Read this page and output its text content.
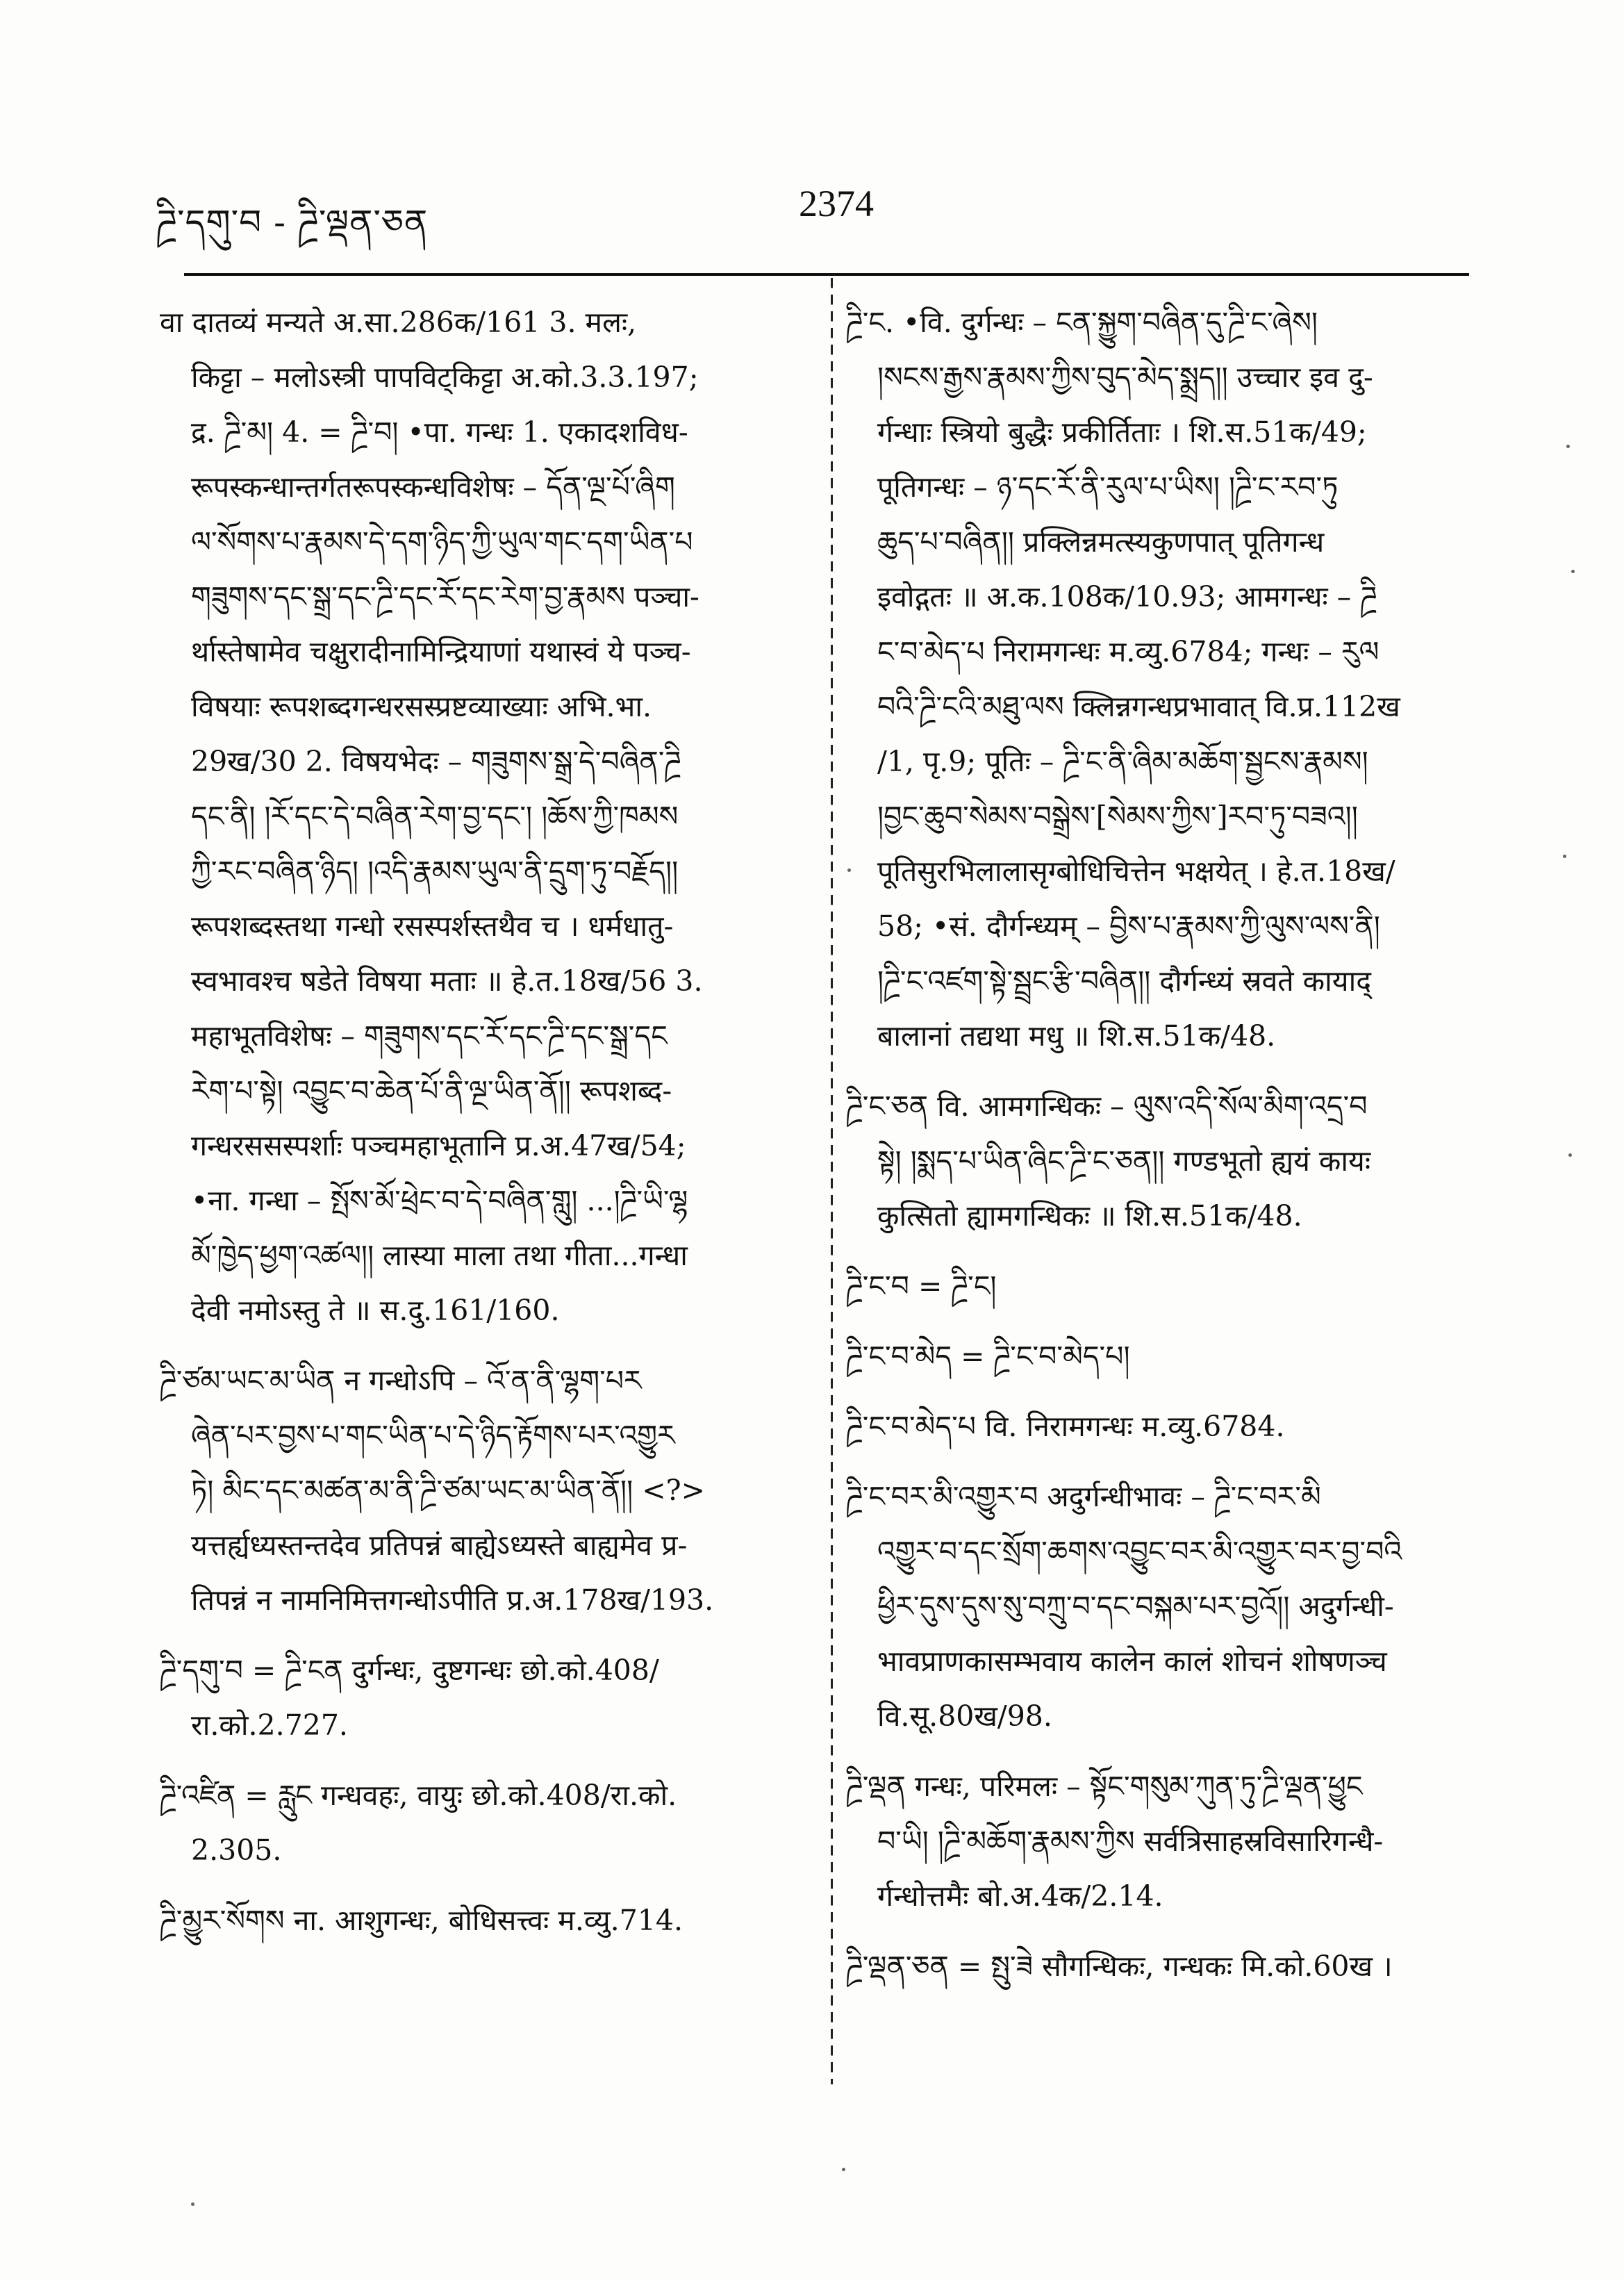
ཌྲི་དགུ་བ - ཌྲི་ལྡན་ཅན	2374
वा दातव्यं मन्यते अ.सा.286क/161 3. मलः,
किट्टा – मलोऽस्त्री पापविट्किट्टा अ.को.3.3.197;
द्र. ཌྲི་མ། 4. = ཌྲི་བ། •पा. गन्धः 1. एकादशविध-
रूपस्कन्धान्तर्गतरूपस्कन्धविशेषः – དོན་ལྔ་པོ་ཞིག
ལ་སོགས་པ་རྣམས་དེ་དག་ཉིད་ཀྱི་ཡུལ་གང་དག་ཡིན་པ
གཟུགས་དང་སྒྲ་དང་ཌྲི་དང་རོ་དང་རེག་བྱ་རྣམས पञ्चा-
र्थास्तेषामेव चक्षुरादीनामिन्द्रियाणां यथास्वं ये पञ्च-
विषयाः रूपशब्दगन्धरसस्प्रष्टव्याख्याः अभि.भा.
29ख/30 2. विषयभेदः – གཟུགས་སྒྲ་དེ་བཞིན་ཌྲི
དང་ནི། །རོ་དང་དེ་བཞིན་རེག་བྱ་དང་། །ཆོས་ཀྱི་ཁམས
ཀྱི་རང་བཞིན་ཉིད། །འདི་རྣམས་ཡུལ་ནི་དྲུག་ཏུ་བརྗོད།།
रूपशब्दस्तथा गन्धो रसस्पर्शस्तथैव च । धर्मधातु-
स्वभावश्च षडेते विषया मताः ॥ हे.त.18ख/56 3.
महाभूतविशेषः – གཟུགས་དང་རོ་དང་ཌྲི་དང་སྒྲ་དང
རེག་པ་སྟེ། འབྱུང་བ་ཆེན་པོ་ནི་ལྔ་ཡིན་ནོ།། रूपशब्द-
गन्धरससस्पर्शाः पञ्चमहाभूतानि प्र.अ.47ख/54;
•ना. गन्धा – སྤོས་མོ་ཕྲེང་བ་དེ་བཞིན་གླུ། ...།ཌྲི་ཡི་ལྷ
མོ་ཁྱེད་ཕྱག་འཚལ།། लास्या माला तथा गीता...गन्धा
देवी नमोऽस्तु ते ॥ स.दु.161/160.
ཌྲི་ཙམ་ཡང་མ་ཡིན न गन्धोऽपि – འོ་ན་ནི་ལྷག་པར
ཞེན་པར་བྱས་པ་གང་ཡིན་པ་དེ་ཉིད་རྟོགས་པར་འགྱུར
ཏེ། མིང་དང་མཚན་མ་ནི་ཌྲི་ཙམ་ཡང་མ་ཡིན་ནོ།། <?>
यत्तर्ह्यध्यस्तन्तदेव प्रतिपन्नं बाह्येऽध्यस्ते बाह्यमेव प्र-
तिपन्नं न नामनिमित्तगन्धोऽपीति प्र.अ.178ख/193.
ཌྲི་དགུ་བ = ཌྲི་ངན दुर्गन्धः, दुष्टगन्धः छो.को.408/
रा.को.2.727.
ཌྲི་འཛིན = རླུང गन्धवहः, वायुः छो.को.408/रा.को.
2.305.
ཌྲི་མྱུར་སོགས ना. आशुगन्धः, बोधिसत्त्वः म.व्यु.714.
ཌྲི་ང. •वि. दुर्गन्धः – ངན་སྐྱུག་བཞིན་དུ་ཌྲི་ང་ཞེས།
།སངས་རྒྱས་རྣམས་ཀྱིས་བུད་མེད་སྨྲད།། उच्चार इव दु-
र्गन्धाः स्त्रियो बुद्धैः प्रकीर्तिताः । शि.स.51क/49;
पूतिगन्धः – ཉ་དང་རོ་ནི་རུལ་པ་ཡིས། །ཌྲི་ང་རབ་ཏུ
ཆུད་པ་བཞིན།། प्रक्लिन्नमत्स्यकुणपात् पूतिगन्ध
इवोद्गतः ॥ अ.क.108क/10.93; आमगन्धः – ཌྲི
ང་བ་མེད་པ निरामगन्धः म.व्यु.6784; गन्धः – རུལ
བའི་ཌྲི་ངའི་མཐུ་ལས क्लिन्नगन्धप्रभावात् वि.प्र.112ख
/1, पृ.9; पूतिः – ཌྲི་ང་ནི་ཞིམ་མཆོག་སྦྱངས་རྣམས།
།བྱང་ཆུབ་སེམས་བསྒྲེས་[སེམས་ཀྱིས་]རབ་ཏུ་བཟའ།།
पूतिसुरभिलालासृग्बोधिचित्तेन भक्षयेत् । हे.त.18ख/
58; •सं. दौर्गन्ध्यम् – བྱིས་པ་རྣམས་ཀྱི་ལུས་ལས་ནི།
།ཌྲི་ང་འཛག་སྟེ་སྦྲང་རྩི་བཞིན།། दौर्गन्ध्यं स्रवते कायाद्
बालानां तद्यथा मधु ॥ शि.स.51क/48.
ཌྲི་ང་ཅན वि. आमगन्धिकः – ལུས་འདི་སོལ་མིག་འདྲ་བ
སྟེ། །སྨད་པ་ཡིན་ཞིང་ཌྲི་ང་ཅན།། गण्डभूतो ह्ययं कायः
कुत्सितो ह्यामगन्धिकः ॥ शि.स.51क/48.
ཌྲི་ང་བ = ཌྲི་ང།
ཌྲི་ང་བ་མེད = ཌྲི་ང་བ་མེད་པ།
ཌྲི་ང་བ་མེད་པ वि. निरामगन्धः म.व्यु.6784.
ཌྲི་ང་བར་མི་འགྱུར་བ अदुर्गन्धीभावः – ཌྲི་ང་བར་མི
འགྱུར་བ་དང་སྲོག་ཆགས་འབྱུང་བར་མི་འགྱུར་བར་བྱ་བའི
ཕྱིར་དུས་དུས་སུ་བཀྲུ་བ་དང་བསྐམ་པར་བྱའོ།། अदुर्गन्धी-
भावप्राणकासम्भवाय कालेन कालं शोचनं शोषणञ्च
वि.सू.80ख/98.
ཌྲི་ལྡན गन्धः, परिमलः – སྟོང་གསུམ་ཀུན་ཏུ་ཌྲི་ལྡན་ཕྱུང
བ་ཡི། །ཌྲི་མཆོག་རྣམས་ཀྱིས सर्वत्रिसाहस्रविसारिगन्धै-
र्गन्धोत्तमैः बो.अ.4क/2.14.
ཌྲི་ལྡན་ཅན = སྤུ་ཟེ सौगन्धिकः, गन्धकः मि.को.60ख ।
